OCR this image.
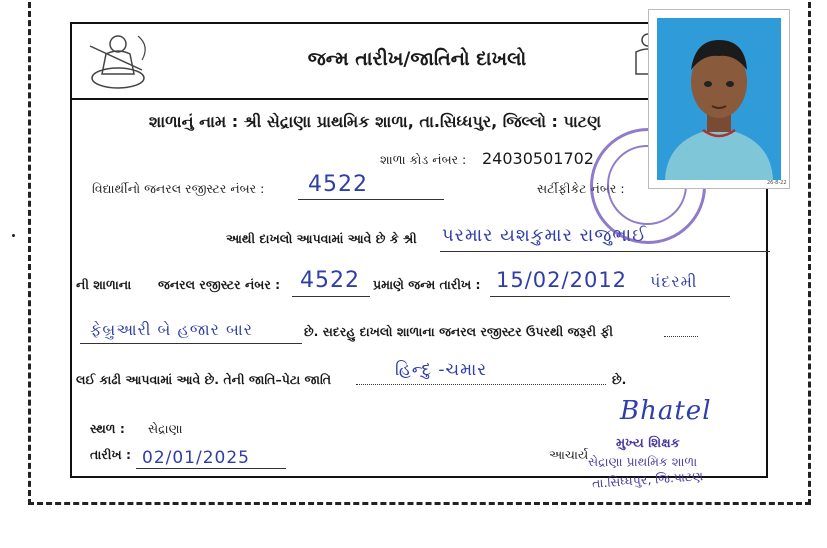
જન્મ તારીખ/જાતિનો દાખલો
શાળાનું નામ : શ્રી સેદ્રાણા પ્રાથમિક શાળા, તા.સિધ્ધપુર, જિલ્લો : પાટણ
શાળા કોડ નંબર : 24030501702
વિદ્યાર્થીનો જનરલ રજીસ્ટર નંબર : 4522	સર્ટીફીકેટ નંબર :
આથી દાખલો આપવામાં આવે છે કે શ્રી પરમાર યશકુમાર રાજુભાઈ
ની શાળાના જનરલ રજીસ્ટર નંબર : 4522 પ્રમાણે જન્મ તારીખ : 15/02/2012 પંદરમી
ફેબ્રુઆરી બે હજાર બાર	છે. સદરહુ દાખલો શાળાના જનરલ રજીસ્ટર ઉપરથી જરૂરી ફી
લઈ કાઢી આપવામાં આવે છે. તેની જાતિ–પેટા જાતિ	હિન્દુ -ચમાર	છે.
સ્થળ : સેદ્રાણા
તારીખ : 02/01/2025	આચાર્ય
Bhatel
મુખ્ય શિક્ષક
સેદ્રાણા પ્રાથમિક શાળા
તા.સિધ્ધપુર, જિ.પાટણ
26-8-22
